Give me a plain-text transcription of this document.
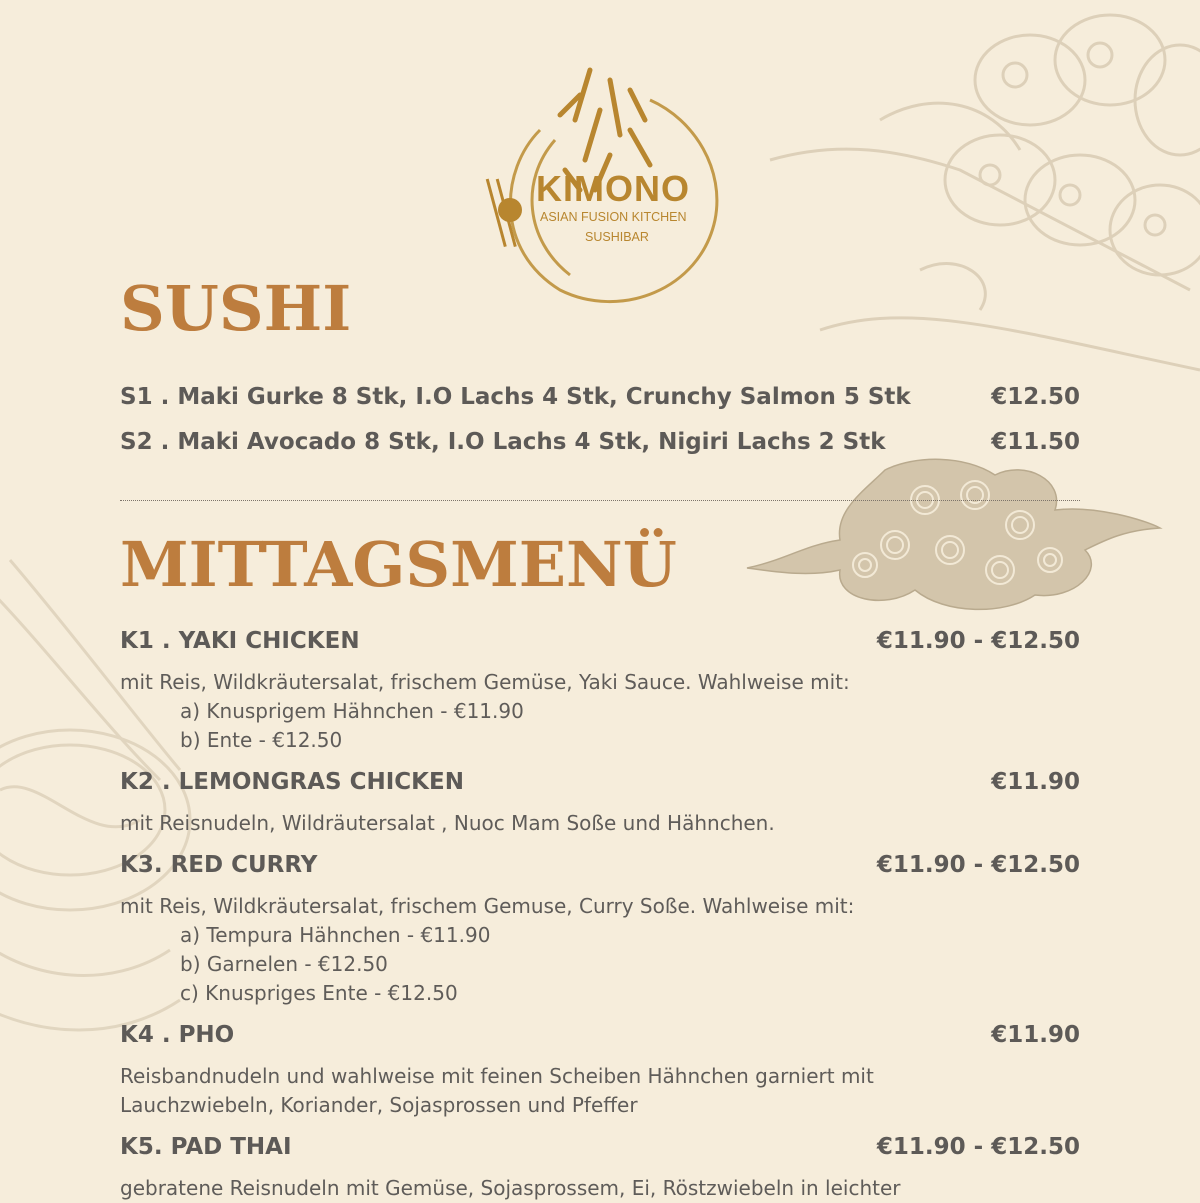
KIMONO
ASIAN FUSION KITCHEN
SUSHIBAR
SUSHI
S1 . Maki Gurke 8 Stk, I.O Lachs 4 Stk, Crunchy Salmon 5 Stk	€12.50
S2 . Maki Avocado 8 Stk, I.O Lachs 4 Stk, Nigiri Lachs 2 Stk	€11.50
MITTAGSMENÜ
K1 . YAKI CHICKEN	€11.90 - €12.50
mit Reis, Wildkräutersalat, frischem Gemüse, Yaki Sauce. Wahlweise mit:
a) Knusprigem Hähnchen - €11.90
b) Ente - €12.50
K2 . LEMONGRAS CHICKEN	€11.90
mit Reisnudeln, Wildräutersalat , Nuoc Mam Soße und Hähnchen.
K3. RED CURRY	€11.90 - €12.50
mit Reis, Wildkräutersalat, frischem Gemuse, Curry Soße. Wahlweise mit:
a) Tempura Hähnchen - €11.90
b) Garnelen - €12.50
c) Knuspriges Ente - €12.50
K4 . PHO	€11.90
Reisbandnudeln und wahlweise mit feinen Scheiben Hähnchen garniert mit
Lauchzwiebeln, Koriander, Sojasprossen und Pfeffer
K5. PAD THAI	€11.90 - €12.50
gebratene Reisnudeln mit Gemüse, Sojasprossem, Ei, Röstzwiebeln in leichter
